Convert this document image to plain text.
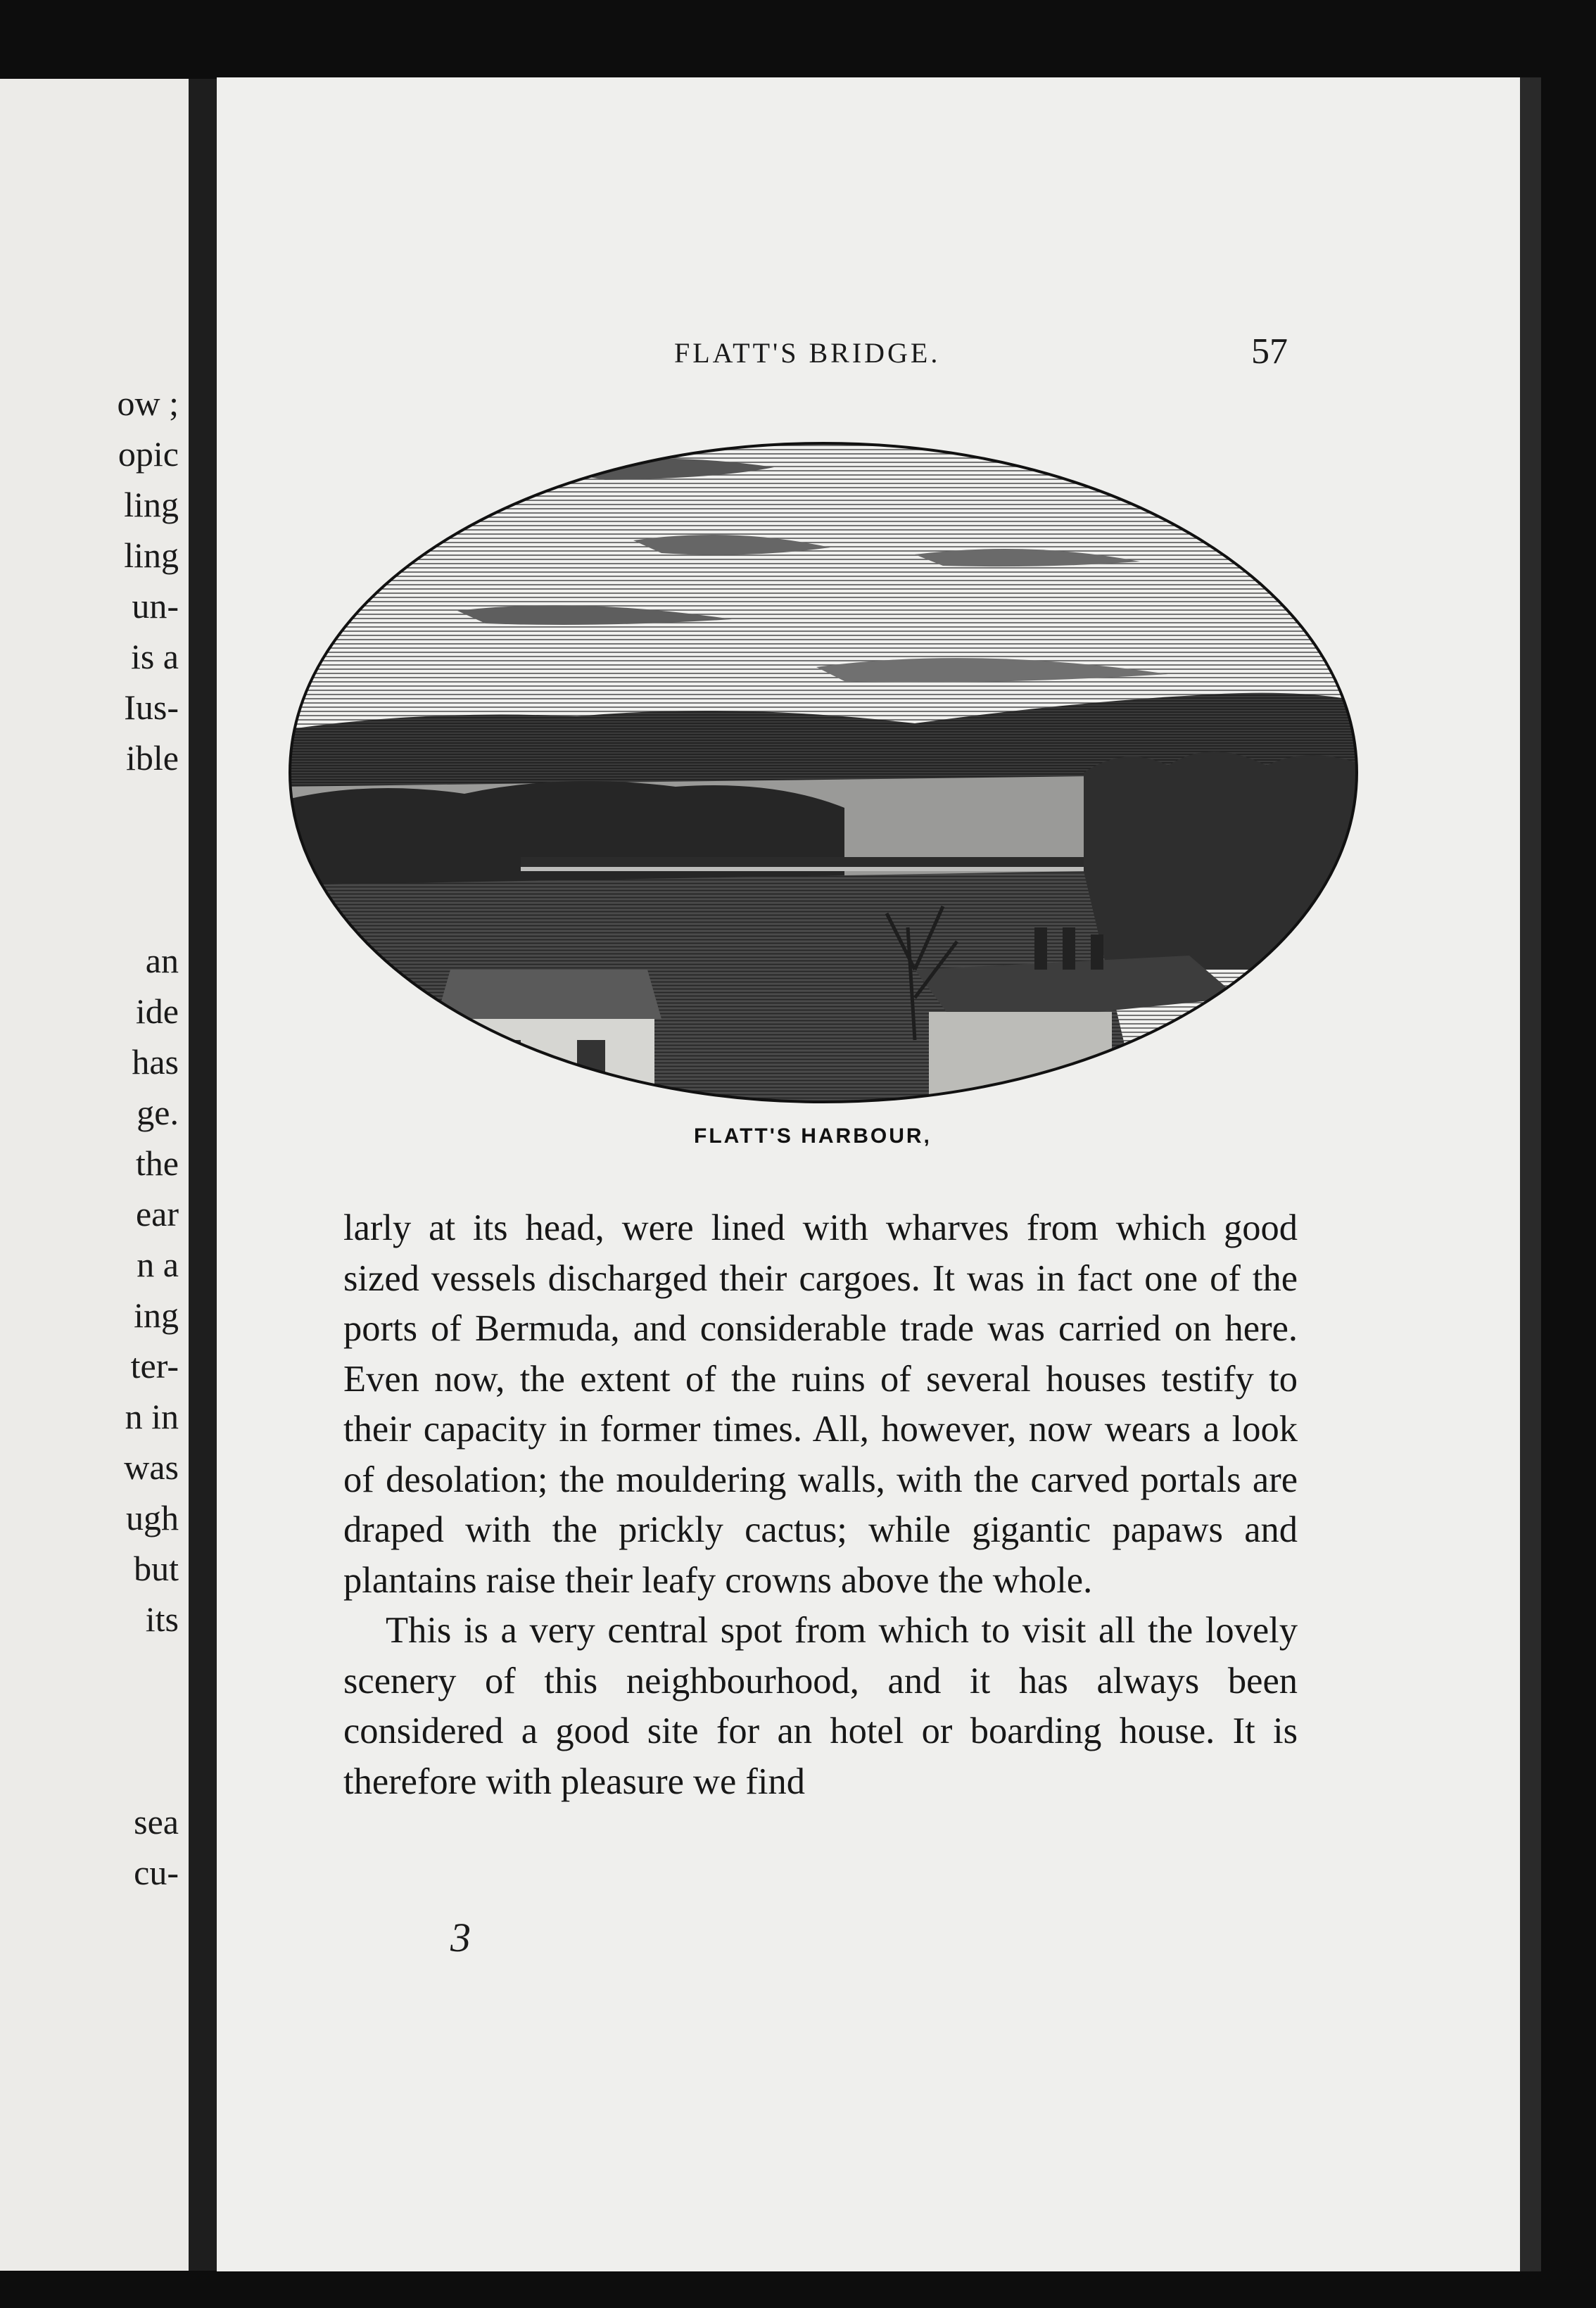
ow ;
opic
ling
ling
un-
is a
Ius-
ible
an
ide
has
ge.
the
ear
n a
ing
ter-
n in
was
ugh
but
its
sea
cu-
FLATT'S BRIDGE.	57
FLATT'S HARBOUR,

larly at its head, were lined with wharves from which good sized vessels discharged their cargoes. It was in fact one of the ports of Bermuda, and considerable trade was carried on here. Even now, the extent of the ruins of several houses testify to their capacity in former times. All, however, now wears a look of desolation; the mouldering walls, with the carved portals are draped with the prickly cactus; while gigantic papaws and plantains raise their leafy crowns above the whole.

This is a very central spot from which to visit all the lovely scenery of this neighbourhood, and it has always been considered a good site for an hotel or boarding house. It is therefore with pleasure we find

3
